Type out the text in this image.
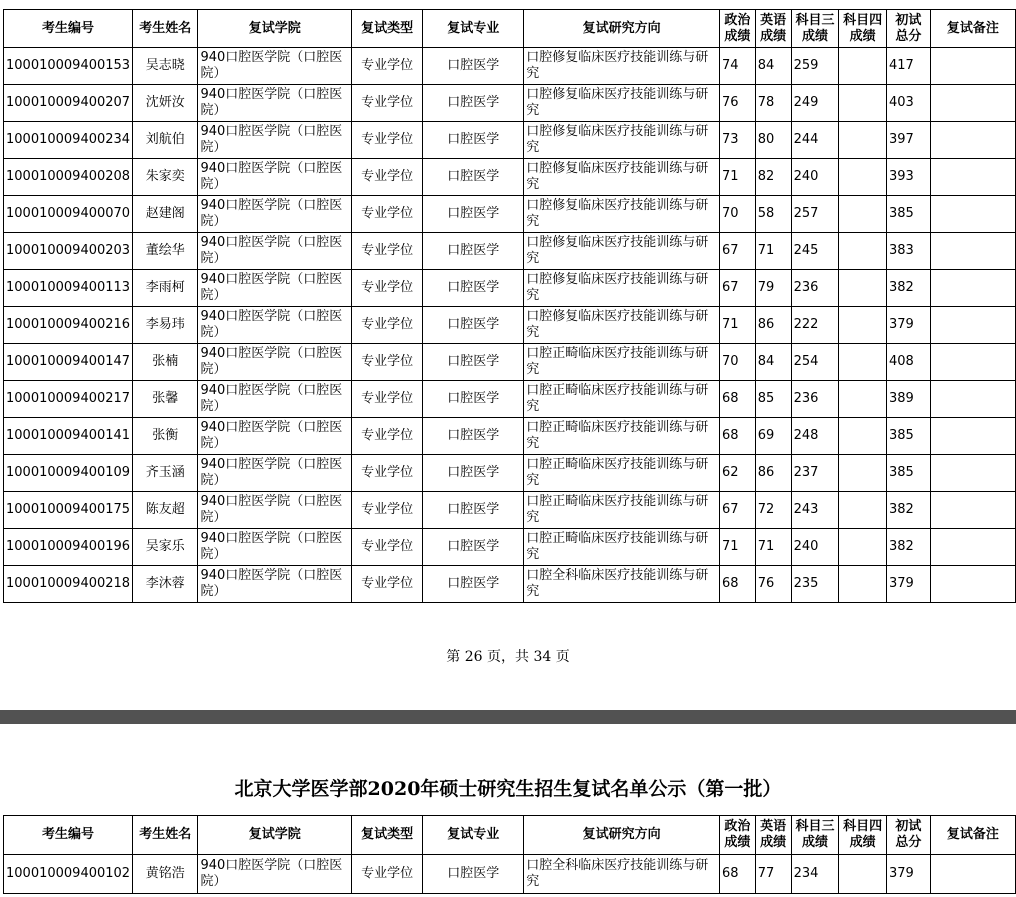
考生编号	考生姓名	复试学院	复试类型	复试专业	复试研究方向	政治成绩	英语成绩	科目三成绩	科目四成绩	初试总分	复试备注
100010009400153	吴志晓	940口腔医学院（口腔医院）	专业学位	口腔医学	口腔修复临床医疗技能训练与研究	74	84	259		417	
100010009400207	沈妍汝	940口腔医学院（口腔医院）	专业学位	口腔医学	口腔修复临床医疗技能训练与研究	76	78	249		403	
100010009400234	刘航伯	940口腔医学院（口腔医院）	专业学位	口腔医学	口腔修复临床医疗技能训练与研究	73	80	244		397	
100010009400208	朱家奕	940口腔医学院（口腔医院）	专业学位	口腔医学	口腔修复临床医疗技能训练与研究	71	82	240		393	
100010009400070	赵建阁	940口腔医学院（口腔医院）	专业学位	口腔医学	口腔修复临床医疗技能训练与研究	70	58	257		385	
100010009400203	董绘华	940口腔医学院（口腔医院）	专业学位	口腔医学	口腔修复临床医疗技能训练与研究	67	71	245		383	
100010009400113	李雨柯	940口腔医学院（口腔医院）	专业学位	口腔医学	口腔修复临床医疗技能训练与研究	67	79	236		382	
100010009400216	李易玮	940口腔医学院（口腔医院）	专业学位	口腔医学	口腔修复临床医疗技能训练与研究	71	86	222		379	
100010009400147	张楠	940口腔医学院（口腔医院）	专业学位	口腔医学	口腔正畸临床医疗技能训练与研究	70	84	254		408	
100010009400217	张馨	940口腔医学院（口腔医院）	专业学位	口腔医学	口腔正畸临床医疗技能训练与研究	68	85	236		389	
100010009400141	张衡	940口腔医学院（口腔医院）	专业学位	口腔医学	口腔正畸临床医疗技能训练与研究	68	69	248		385	
100010009400109	齐玉涵	940口腔医学院（口腔医院）	专业学位	口腔医学	口腔正畸临床医疗技能训练与研究	62	86	237		385	
100010009400175	陈友超	940口腔医学院（口腔医院）	专业学位	口腔医学	口腔正畸临床医疗技能训练与研究	67	72	243		382	
100010009400196	吴家乐	940口腔医学院（口腔医院）	专业学位	口腔医学	口腔正畸临床医疗技能训练与研究	71	71	240		382	
100010009400218	李沐蓉	940口腔医学院（口腔医院）	专业学位	口腔医学	口腔全科临床医疗技能训练与研究	68	76	235		379	
第 26 页，共 34 页
北京大学医学部2020年硕士研究生招生复试名单公示（第一批）
考生编号	考生姓名	复试学院	复试类型	复试专业	复试研究方向	政治成绩	英语成绩	科目三成绩	科目四成绩	初试总分	复试备注
100010009400102	黄铭浩	940口腔医学院（口腔医院）	专业学位	口腔医学	口腔全科临床医疗技能训练与研究	68	77	234		379	
